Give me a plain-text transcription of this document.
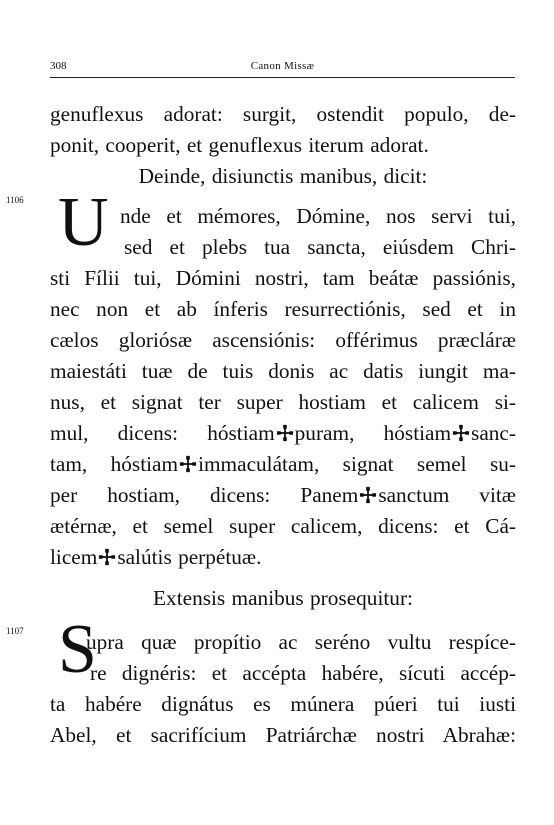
308	Canon Missæ
genuflexus adorat: surgit, ostendit populo, de-
ponit, cooperit, et genuflexus iterum adorat.
Deinde, disiunctis manibus, dicit:
1106 U nde et mémores, Dómine, nos servi tui,
sed et plebs tua sancta, eiúsdem Chri-
sti Fílii tui, Dómini nostri, tam beátæ passiónis,
nec non et ab ínferis resurrectiónis, sed et in
cælos gloriósæ ascensiónis: offérimus præcláræ
maiestáti tuæ de tuis donis ac datis iungit ma-
nus, et signat ter super hostiam et calicem si-
mul, dicens: hóstiam puram, hóstiam sanc-
tam, hóstiam immaculátam, signat semel su-
per hostiam, dicens: Panem sanctum vitæ
ætérnæ, et semel super calicem, dicens: et Cá-
licem salútis perpétuæ.
Extensis manibus prosequitur:
1107 S
upra quæ propítio ac seréno vultu respíce-
re dignéris: et accépta habére, sícuti accép-
ta habére dignátus es múnera púeri tui iusti
Abel, et sacrifícium Patriárchæ nostri Abrahæ:
